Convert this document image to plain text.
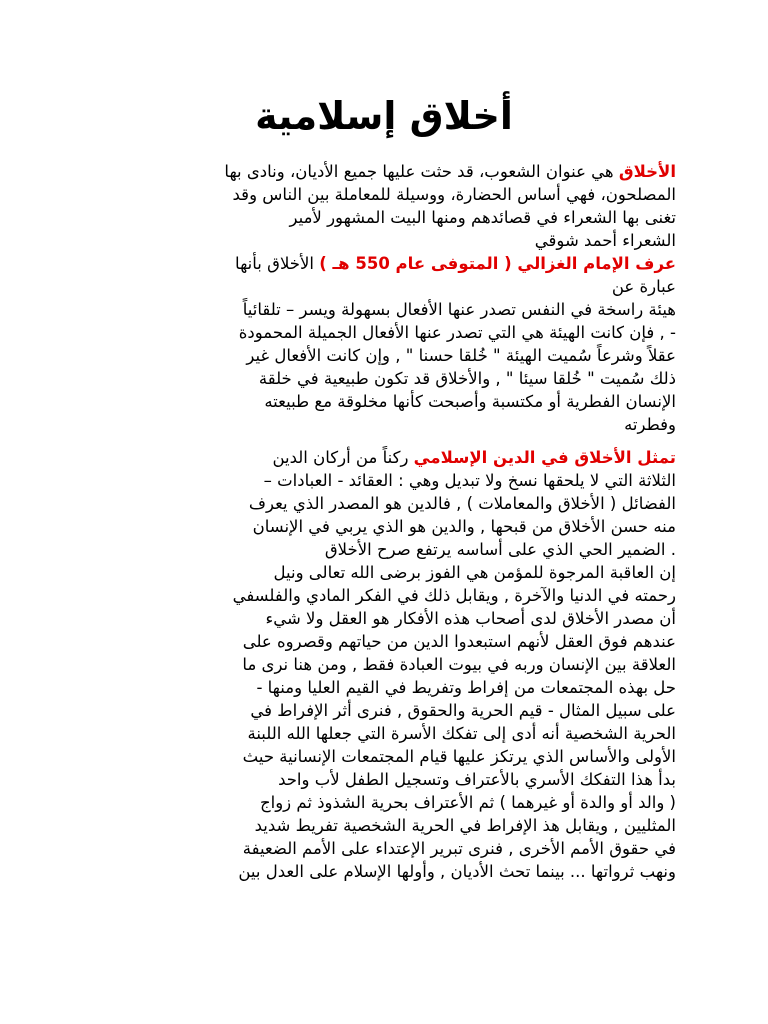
أخلاق إسلامية
الأخلاق هي عنوان الشعوب، قد حثت عليها جميع الأديان، ونادى بها
المصلحون، فهي أساس الحضارة، ووسيلة للمعاملة بين الناس وقد
تغنى بها الشعراء في قصائدهم ومنها البيت المشهور لأمير
الشعراء أحمد شوقي
عرف الإمام الغزالي ( المتوفى عام 550 هـ ) الأخلاق بأنها
عبارة عن
هيئة راسخة في النفس تصدر عنها الأفعال بسهولة ويسر – تلقائياً
- , فإن كانت الهيئة هي التي تصدر عنها الأفعال الجميلة المحمودة
عقلاً وشرعاً سُميت الهيئة " خُلقا حسنا " , وإن كانت الأفعال غير
ذلك سُميت " خُلقا سيئا " , والأخلاق قد تكون طبيعية في خلقة
الإنسان الفطرية أو مكتسبة وأصبحت كأنها مخلوقة مع طبيعته
وفطرته
تمثل الأخلاق في الدين الإسلامي ركناً من أركان الدين
الثلاثة التي لا يلحقها نسخ ولا تبديل وهي : العقائد - العبادات –
الفضائل ( الأخلاق والمعاملات ) , فالدين هو المصدر الذي يعرف
منه حسن الأخلاق من قبحها , والدين هو الذي يربي في الإنسان
. الضمير الحي الذي على أساسه يرتفع صرح الأخلاق
إن العاقبة المرجوة للمؤمن هي الفوز برضى الله تعالى ونيل
رحمته في الدنيا والآخرة , ويقابل ذلك في الفكر المادي والفلسفي
أن مصدر الأخلاق لدى أصحاب هذه الأفكار هو العقل ولا شيء
عندهم فوق العقل لأنهم استبعدوا الدين من حياتهم وقصروه على
العلاقة بين الإنسان وربه في بيوت العبادة فقط , ومن هنا نرى ما
حل بهذه المجتمعات من إفراط وتفريط في القيم العليا ومنها -
على سبيل المثال - قيم الحرية والحقوق , فنرى أثر الإفراط في
الحرية الشخصية أنه أدى إلى تفكك الأسرة التي جعلها الله اللبنة
الأولى والأساس الذي يرتكز عليها قيام المجتمعات الإنسانية حيث
بدأ هذا التفكك الأسري بالأعتراف وتسجيل الطفل لأب واحد
( والد أو والدة أو غيرهما ) ثم الأعتراف بحرية الشذوذ ثم زواج
المثليين , ويقابل هذ الإفراط في الحرية الشخصية تفريط شديد
في حقوق الأمم الأخرى , فنرى تبرير الإعتداء على الأمم الضعيفة
ونهب ثرواتها ... بينما تحث الأديان , وأولها الإسلام على العدل بين
